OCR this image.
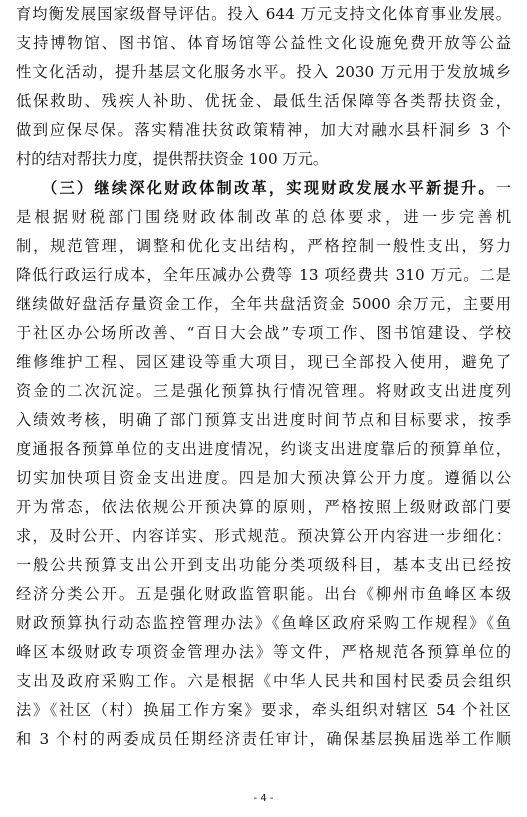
育均衡发展国家级督导评估。投入 644 万元支持文化体育事业发展。
支持博物馆、图书馆、体育场馆等公益性文化设施免费开放等公益
性文化活动，提升基层文化服务水平。投入 2030 万元用于发放城乡
低保救助、残疾人补助、优抚金、最低生活保障等各类帮扶资金，
做到应保尽保。落实精准扶贫政策精神，加大对融水县杆洞乡 3 个
村的结对帮扶力度，提供帮扶资金 100 万元。
（三）继续深化财政体制改革，实现财政发展水平新提升。一
是根据财税部门围绕财政体制改革的总体要求，进一步完善机
制，规范管理，调整和优化支出结构，严格控制一般性支出，努力
降低行政运行成本，全年压减办公费等 13 项经费共 310 万元。二是
继续做好盘活存量资金工作，全年共盘活资金 5000 余万元，主要用
于社区办公场所改善、“百日大会战”专项工作、图书馆建设、学校
维修维护工程、园区建设等重大项目，现已全部投入使用，避免了
资金的二次沉淀。三是强化预算执行情况管理。将财政支出进度列
入绩效考核，明确了部门预算支出进度时间节点和目标要求，按季
度通报各预算单位的支出进度情况，约谈支出进度靠后的预算单位，
切实加快项目资金支出进度。四是加大预决算公开力度。遵循以公
开为常态，依法依规公开预决算的原则，严格按照上级财政部门要
求，及时公开、内容详实、形式规范。预决算公开内容进一步细化：
一般公共预算支出公开到支出功能分类项级科目，基本支出已经按
经济分类公开。五是强化财政监管职能。出台《柳州市鱼峰区本级
财政预算执行动态监控管理办法》《鱼峰区政府采购工作规程》《鱼
峰区本级财政专项资金管理办法》等文件，严格规范各预算单位的
支出及政府采购工作。六是根据《中华人民共和国村民委员会组织
法》《社区（村）换届工作方案》要求，牵头组织对辖区 54 个社区
和 3 个村的两委成员任期经济责任审计，确保基层换届选举工作顺
- 4 -
